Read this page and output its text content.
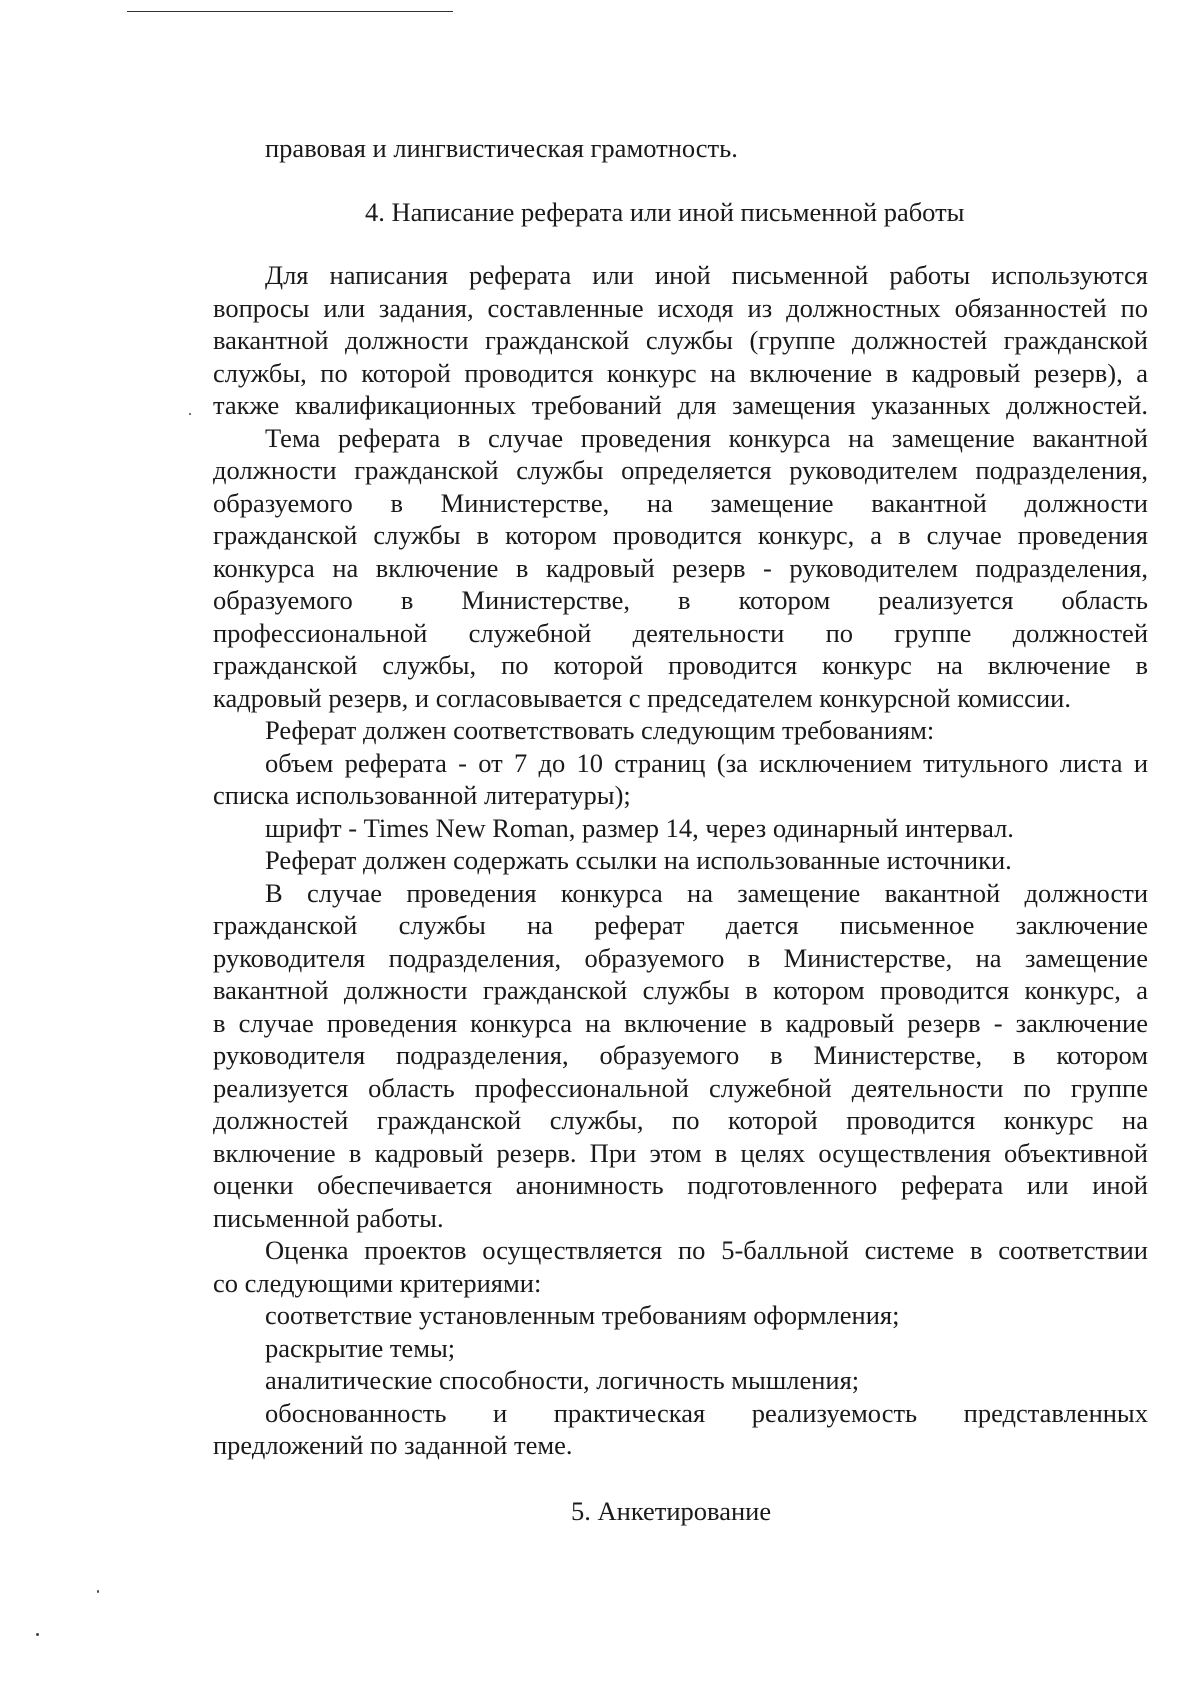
правовая и лингвистическая грамотность.

4. Написание реферата или иной письменной работы

Для написания реферата или иной письменной работы используются

вопросы или задания, составленные исходя из должностных обязанностей по

вакантной должности гражданской службы (группе должностей гражданской

службы, по которой проводится конкурс на включение в кадровый резерв), а

также квалификационных требований для замещения указанных должностей.

Тема реферата в случае проведения конкурса на замещение вакантной

должности гражданской службы определяется руководителем подразделения,

образуемого в Министерстве, на замещение вакантной должности

гражданской службы в котором проводится конкурс, а в случае проведения

конкурса на включение в кадровый резерв - руководителем подразделения,

образуемого в Министерстве, в котором реализуется область

профессиональной служебной деятельности по группе должностей

гражданской службы, по которой проводится конкурс на включение в

кадровый резерв, и согласовывается с председателем конкурсной комиссии.

Реферат должен соответствовать следующим требованиям:

объем реферата - от 7 до 10 страниц (за исключением титульного листа и

списка использованной литературы);

шрифт - Times New Roman, размер 14, через одинарный интервал.

Реферат должен содержать ссылки на использованные источники.

В случае проведения конкурса на замещение вакантной должности

гражданской службы на реферат дается письменное заключение

руководителя подразделения, образуемого в Министерстве, на замещение

вакантной должности гражданской службы в котором проводится конкурс, а

в случае проведения конкурса на включение в кадровый резерв - заключение

руководителя подразделения, образуемого в Министерстве, в котором

реализуется область профессиональной служебной деятельности по группе

должностей гражданской службы, по которой проводится конкурс на

включение в кадровый резерв. При этом в целях осуществления объективной

оценки обеспечивается анонимность подготовленного реферата или иной

письменной работы.

Оценка проектов осуществляется по 5-балльной системе в соответствии

со следующими критериями:

соответствие установленным требованиям оформления;

раскрытие темы;

аналитические способности, логичность мышления;

обоснованность и практическая реализуемость представленных

предложений по заданной теме.

5. Анкетирование
